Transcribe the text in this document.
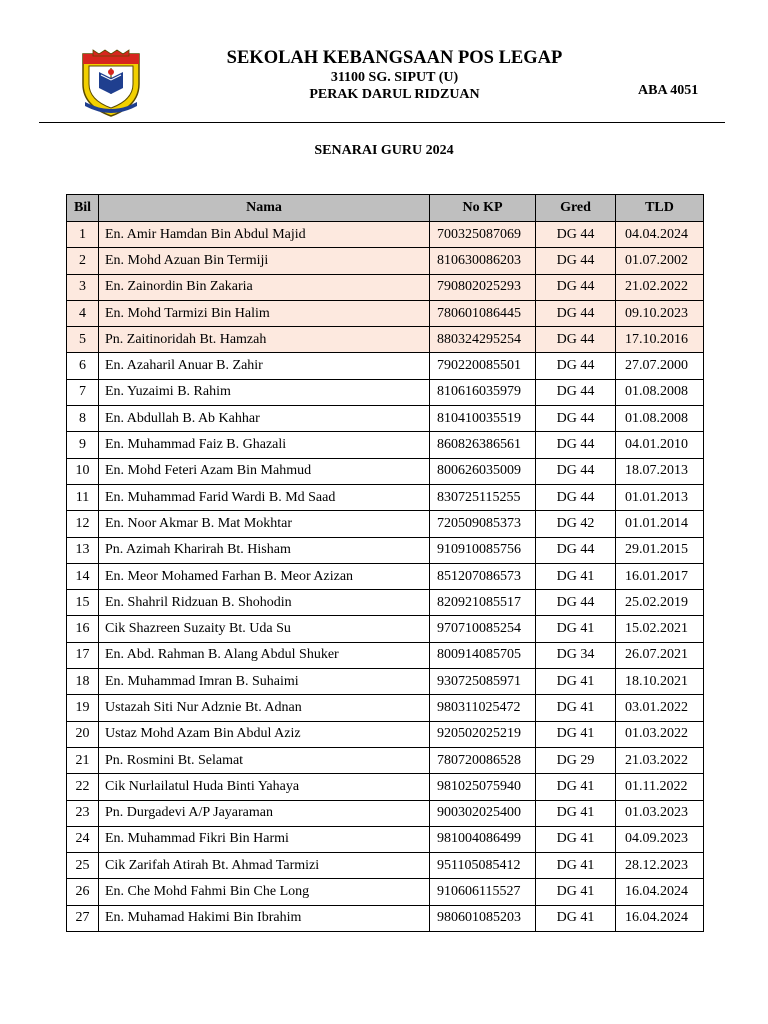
SEKOLAH KEBANGSAAN POS LEGAP
31100 SG. SIPUT (U)
PERAK DARUL RIDZUAN	ABA 4051
SENARAI GURU 2024
Bil	Nama	No KP	Gred	TLD
1	En. Amir Hamdan Bin Abdul Majid	700325087069	DG 44	04.04.2024
2	En. Mohd Azuan Bin Termiji	810630086203	DG 44	01.07.2002
3	En. Zainordin Bin Zakaria	790802025293	DG 44	21.02.2022
4	En. Mohd Tarmizi Bin Halim	780601086445	DG 44	09.10.2023
5	Pn. Zaitinoridah Bt. Hamzah	880324295254	DG 44	17.10.2016
6	En. Azaharil Anuar B. Zahir	790220085501	DG 44	27.07.2000
7	En. Yuzaimi B. Rahim	810616035979	DG 44	01.08.2008
8	En. Abdullah B. Ab Kahhar	810410035519	DG 44	01.08.2008
9	En. Muhammad Faiz B. Ghazali	860826386561	DG 44	04.01.2010
10	En. Mohd Feteri Azam Bin Mahmud	800626035009	DG 44	18.07.2013
11	En. Muhammad Farid Wardi B. Md Saad	830725115255	DG 44	01.01.2013
12	En. Noor Akmar B. Mat Mokhtar	720509085373	DG 42	01.01.2014
13	Pn. Azimah Kharirah Bt. Hisham	910910085756	DG 44	29.01.2015
14	En. Meor Mohamed Farhan B. Meor Azizan	851207086573	DG 41	16.01.2017
15	En. Shahril Ridzuan B. Shohodin	820921085517	DG 44	25.02.2019
16	Cik Shazreen Suzaity Bt. Uda Su	970710085254	DG 41	15.02.2021
17	En. Abd. Rahman B. Alang Abdul Shuker	800914085705	DG 34	26.07.2021
18	En. Muhammad Imran B. Suhaimi	930725085971	DG 41	18.10.2021
19	Ustazah Siti Nur Adznie Bt. Adnan	980311025472	DG 41	03.01.2022
20	Ustaz Mohd Azam Bin Abdul Aziz	920502025219	DG 41	01.03.2022
21	Pn. Rosmini Bt. Selamat	780720086528	DG 29	21.03.2022
22	Cik Nurlailatul Huda Binti Yahaya	981025075940	DG 41	01.11.2022
23	Pn. Durgadevi A/P Jayaraman	900302025400	DG 41	01.03.2023
24	En. Muhammad Fikri Bin Harmi	981004086499	DG 41	04.09.2023
25	Cik Zarifah Atirah Bt. Ahmad Tarmizi	951105085412	DG 41	28.12.2023
26	En. Che Mohd Fahmi Bin Che Long	910606115527	DG 41	16.04.2024
27	En. Muhamad Hakimi Bin Ibrahim	980601085203	DG 41	16.04.2024
